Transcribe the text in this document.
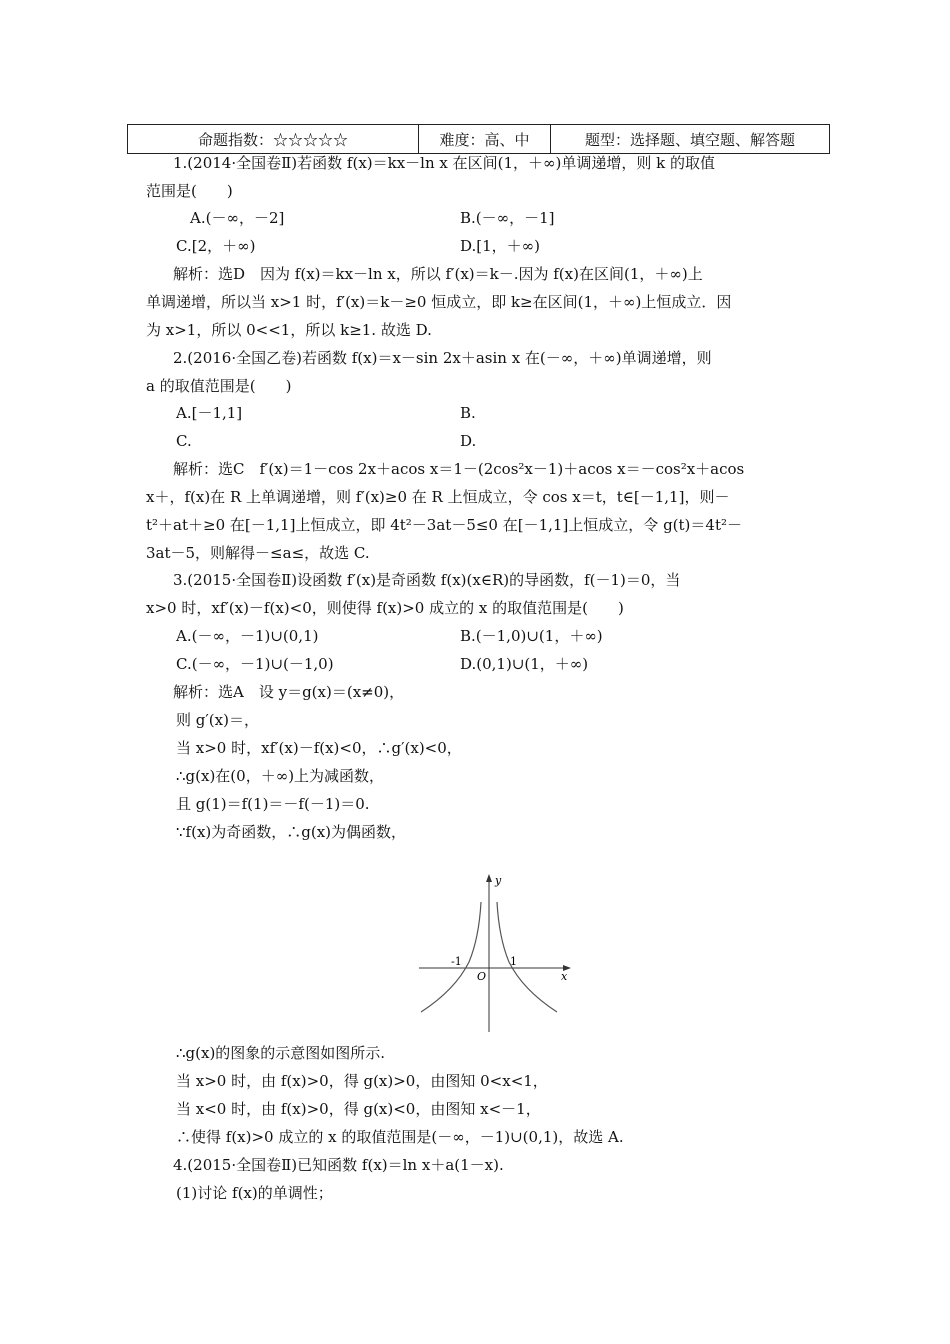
命题指数：☆☆☆☆☆	难度：高、中	题型：选择题、填空题、解答题
1.(2014·全国卷Ⅱ)若函数 f(x)＝kx－ln x 在区间(1，＋∞)单调递增，则 k 的取值
范围是(　　)
A.(－∞，－2]	B.(－∞，－1]
C.[2，＋∞)	D.[1，＋∞)
解析：选D　因为 f(x)＝kx－ln x，所以 f′(x)＝k－.因为 f(x)在区间(1，＋∞)上
单调递增，所以当 x>1 时，f′(x)＝k－≥0 恒成立，即 k≥在区间(1，＋∞)上恒成立．因
为 x>1，所以 0<<1，所以 k≥1. 故选 D.
2.(2016·全国乙卷)若函数 f(x)＝x－sin 2x＋asin x 在(－∞，＋∞)单调递增，则
a 的取值范围是(　　)
A.[－1,1]	B.
C.	D.
解析：选C　f′(x)＝1－cos 2x＋acos x＝1－(2cos²x－1)＋acos x＝－cos²x＋acos
x＋，f(x)在 R 上单调递增，则 f′(x)≥0 在 R 上恒成立，令 cos x＝t，t∈[－1,1]，则－
t²＋at＋≥0 在[－1,1]上恒成立，即 4t²－3at－5≤0 在[－1,1]上恒成立，令 g(t)＝4t²－
3at－5，则解得－≤a≤，故选 C.
3.(2015·全国卷Ⅱ)设函数 f′(x)是奇函数 f(x)(x∈R)的导函数，f(－1)＝0，当
x>0 时，xf′(x)－f(x)<0，则使得 f(x)>0 成立的 x 的取值范围是(　　)
A.(－∞，－1)∪(0,1)	B.(－1,0)∪(1，＋∞)
C.(－∞，－1)∪(－1,0)	D.(0,1)∪(1，＋∞)
解析：选A　设 y＝g(x)＝(x≠0)，
则 g′(x)＝，
当 x>0 时，xf′(x)－f(x)<0，∴g′(x)<0，
∴g(x)在(0，＋∞)上为减函数，
且 g(1)＝f(1)＝－f(－1)＝0.
∵f(x)为奇函数，∴g(x)为偶函数，
∴g(x)的图象的示意图如图所示.
当 x>0 时，由 f(x)>0，得 g(x)>0，由图知 0<x<1，
当 x<0 时，由 f(x)>0，得 g(x)<0，由图知 x<－1，
∴使得 f(x)>0 成立的 x 的取值范围是(－∞，－1)∪(0,1)，故选 A.
4.(2015·全国卷Ⅱ)已知函数 f(x)＝ln x＋a(1－x).
(1)讨论 f(x)的单调性；
y
x
O
-1	1
